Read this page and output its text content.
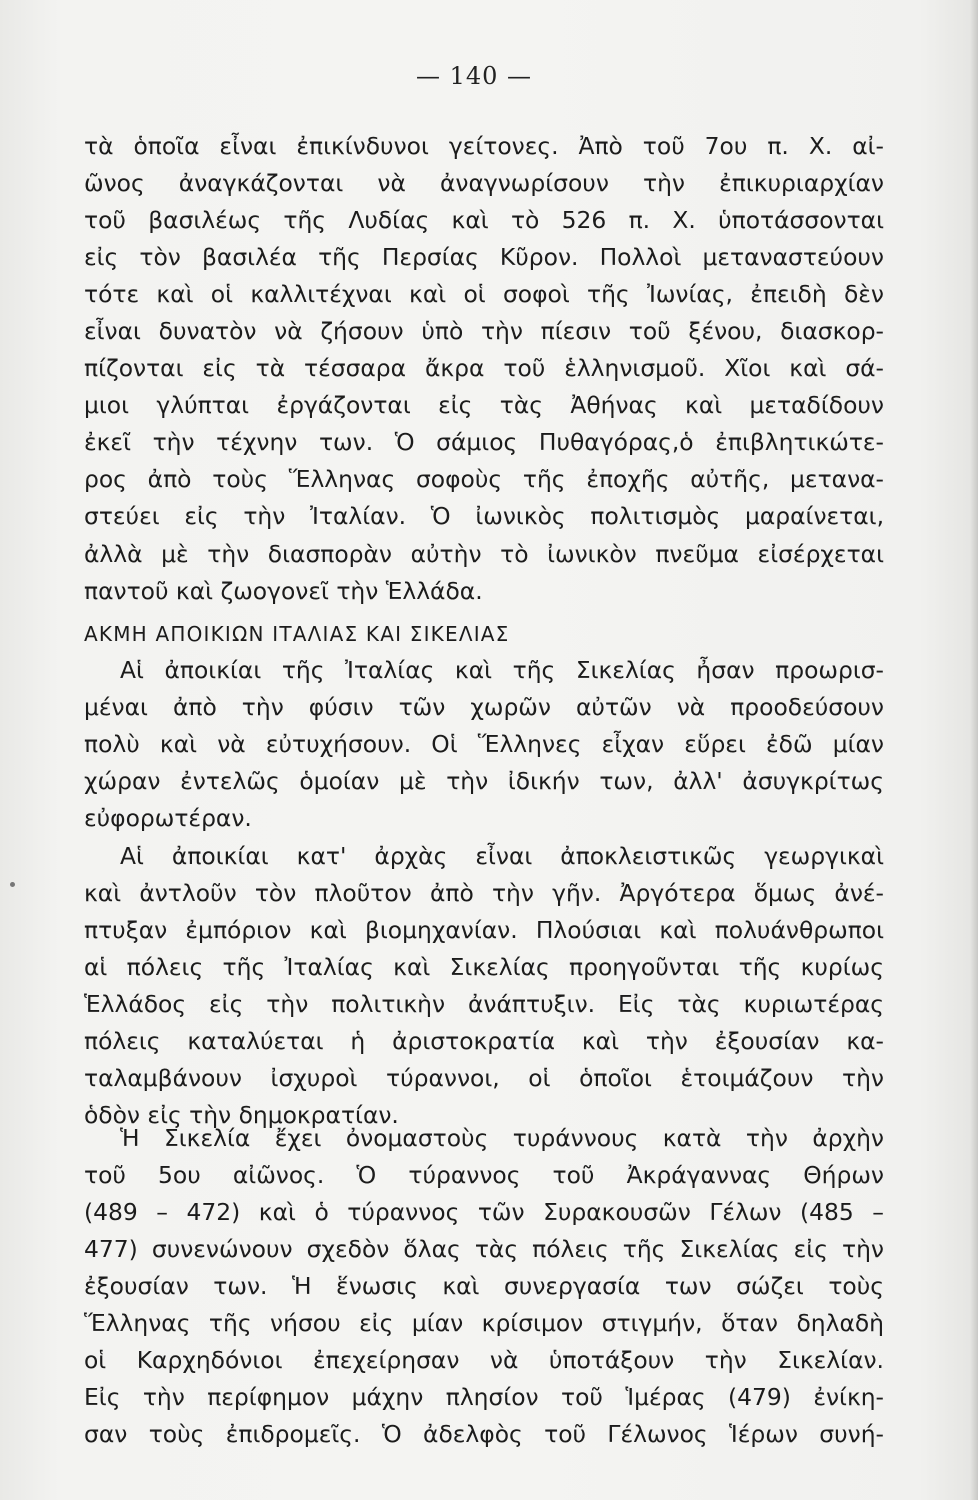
— 140 —
τὰ ὁποῖα εἶναι ἐπικίνδυνοι γείτονες. Ἀπὸ τοῦ 7ου π. Χ. αἰ-
ῶνος ἀναγκάζονται νὰ ἀναγνωρίσουν τὴν ἐπικυριαρχίαν
τοῦ βασιλέως τῆς Λυδίας καὶ τὸ 526 π. Χ. ὑποτάσσονται
εἰς τὸν βασιλέα τῆς Περσίας Κῦρον. Πολλοὶ μεταναστεύουν
τότε καὶ οἱ καλλιτέχναι καὶ οἱ σοφοὶ τῆς Ἰωνίας, ἐπειδὴ δὲν
εἶναι δυνατὸν νὰ ζήσουν ὑπὸ τὴν πίεσιν τοῦ ξένου, διασκορ-
πίζονται εἰς τὰ τέσσαρα ἄκρα τοῦ ἑλληνισμοῦ. Χῖοι καὶ σά-
μιοι γλύπται ἐργάζονται εἰς τὰς Ἀθήνας καὶ μεταδίδουν
ἐκεῖ τὴν τέχνην των. Ὁ σάμιος Πυθαγόρας,ὁ ἐπιβλητικώτε-
ρος ἀπὸ τοὺς Ἕλληνας σοφοὺς τῆς ἐποχῆς αὐτῆς, μετανα-
στεύει εἰς τὴν Ἰταλίαν. Ὁ ἰωνικὸς πολιτισμὸς μαραίνεται,
ἀλλὰ μὲ τὴν διασπορὰν αὐτὴν τὸ ἰωνικὸν πνεῦμα εἰσέρχεται
παντοῦ καὶ ζωογονεῖ τὴν Ἑλλάδα.
ΑΚΜΗ ΑΠΟΙΚΙΩΝ ΙΤΑΛΙΑΣ ΚΑΙ ΣΙΚΕΛΙΑΣ
Αἱ ἀποικίαι τῆς Ἰταλίας καὶ τῆς Σικελίας ἦσαν προωρισ-
μέναι ἀπὸ τὴν φύσιν τῶν χωρῶν αὐτῶν νὰ προοδεύσουν
πολὺ καὶ νὰ εὐτυχήσουν. Οἱ Ἕλληνες εἶχαν εὕρει ἐδῶ μίαν
χώραν ἐντελῶς ὁμοίαν μὲ τὴν ἰδικήν των, ἀλλ' ἀσυγκρίτως
εὐφορωτέραν.
Αἱ ἀποικίαι κατ' ἀρχὰς εἶναι ἀποκλειστικῶς γεωργικαὶ
καὶ ἀντλοῦν τὸν πλοῦτον ἀπὸ τὴν γῆν. Ἀργότερα ὅμως ἀνέ-
πτυξαν ἐμπόριον καὶ βιομηχανίαν. Πλούσιαι καὶ πολυάνθρωποι
αἱ πόλεις τῆς Ἰταλίας καὶ Σικελίας προηγοῦνται τῆς κυρίως
Ἑλλάδος εἰς τὴν πολιτικὴν ἀνάπτυξιν. Εἰς τὰς κυριωτέρας
πόλεις καταλύεται ἡ ἀριστοκρατία καὶ τὴν ἐξουσίαν κα-
ταλαμβάνουν ἰσχυροὶ τύραννοι, οἱ ὁποῖοι ἑτοιμάζουν τὴν
ὁδὸν εἰς τὴν δημοκρατίαν.
Ἡ Σικελία ἔχει ὀνομαστοὺς τυράννους κατὰ τὴν ἀρχὴν
τοῦ 5ου αἰῶνος. Ὁ τύραννος τοῦ Ἀκράγαννας Θήρων
(489 – 472) καὶ ὁ τύραννος τῶν Συρακουσῶν Γέλων (485 –
477) συνενώνουν σχεδὸν ὅλας τὰς πόλεις τῆς Σικελίας εἰς τὴν
ἐξουσίαν των. Ἡ ἕνωσις καὶ συνεργασία των σώζει τοὺς
Ἕλληνας τῆς νήσου εἰς μίαν κρίσιμον στιγμήν, ὅταν δηλαδὴ
οἱ Καρχηδόνιοι ἐπεχείρησαν νὰ ὑποτάξουν τὴν Σικελίαν.
Εἰς τὴν περίφημον μάχην πλησίον τοῦ Ἱμέρας (479) ἐνίκη-
σαν τοὺς ἐπιδρομεῖς. Ὁ ἀδελφὸς τοῦ Γέλωνος Ἱέρων συνή-
